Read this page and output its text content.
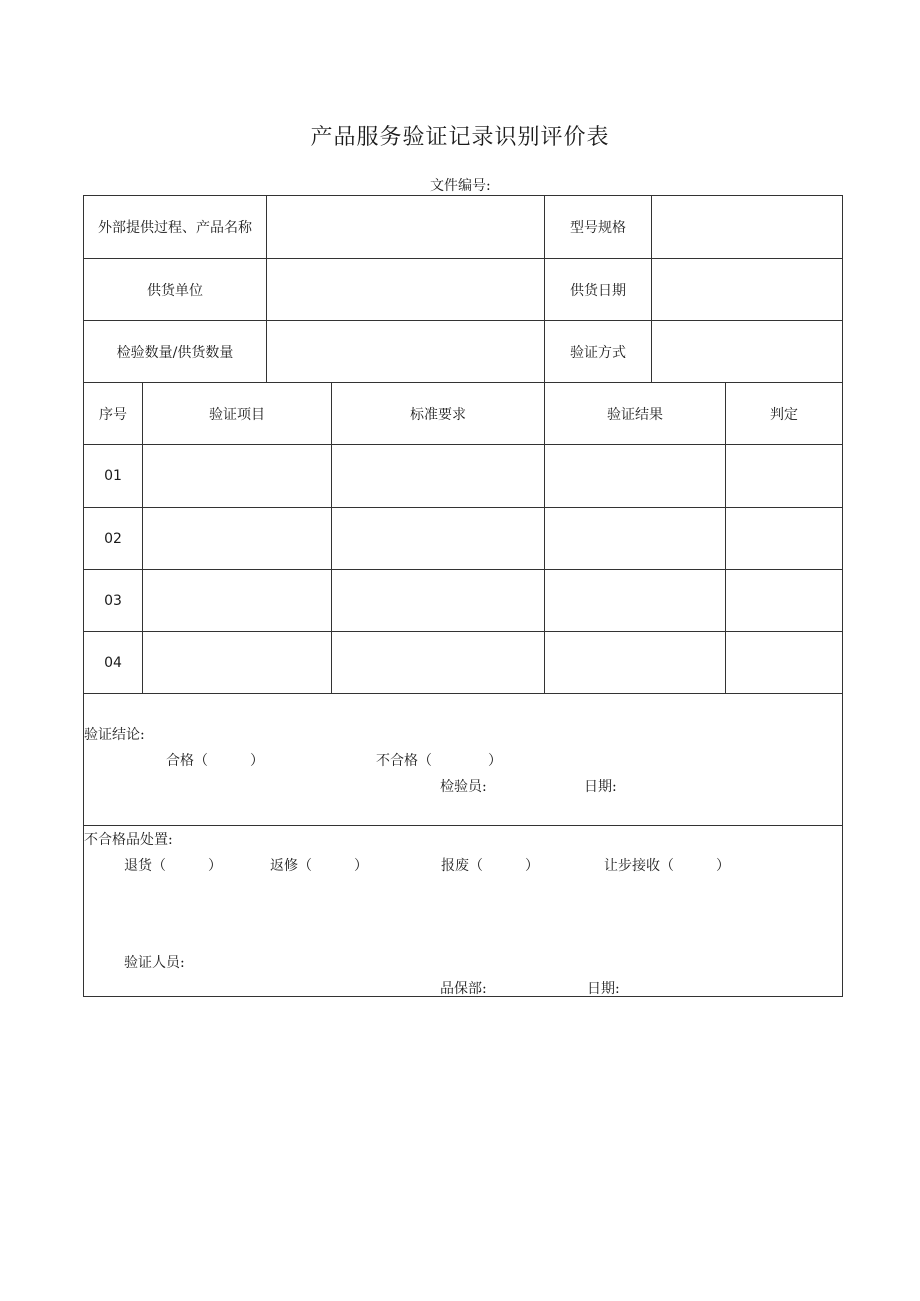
产品服务验证记录识别评价表
文件编号:
外部提供过程、产品名称	型号规格
供货单位	供货日期
检验数量/供货数量	验证方式
序号	验证项目	标准要求	验证结果	判定
01
02
03
04
验证结论:
合格（　　　）	不合格（　　　　）
检验员:	日期:
不合格品处置:
退货（　　　）	返修（　　　）	报废（　　　）	让步接收（　　　）
验证人员:
品保部:	日期:
